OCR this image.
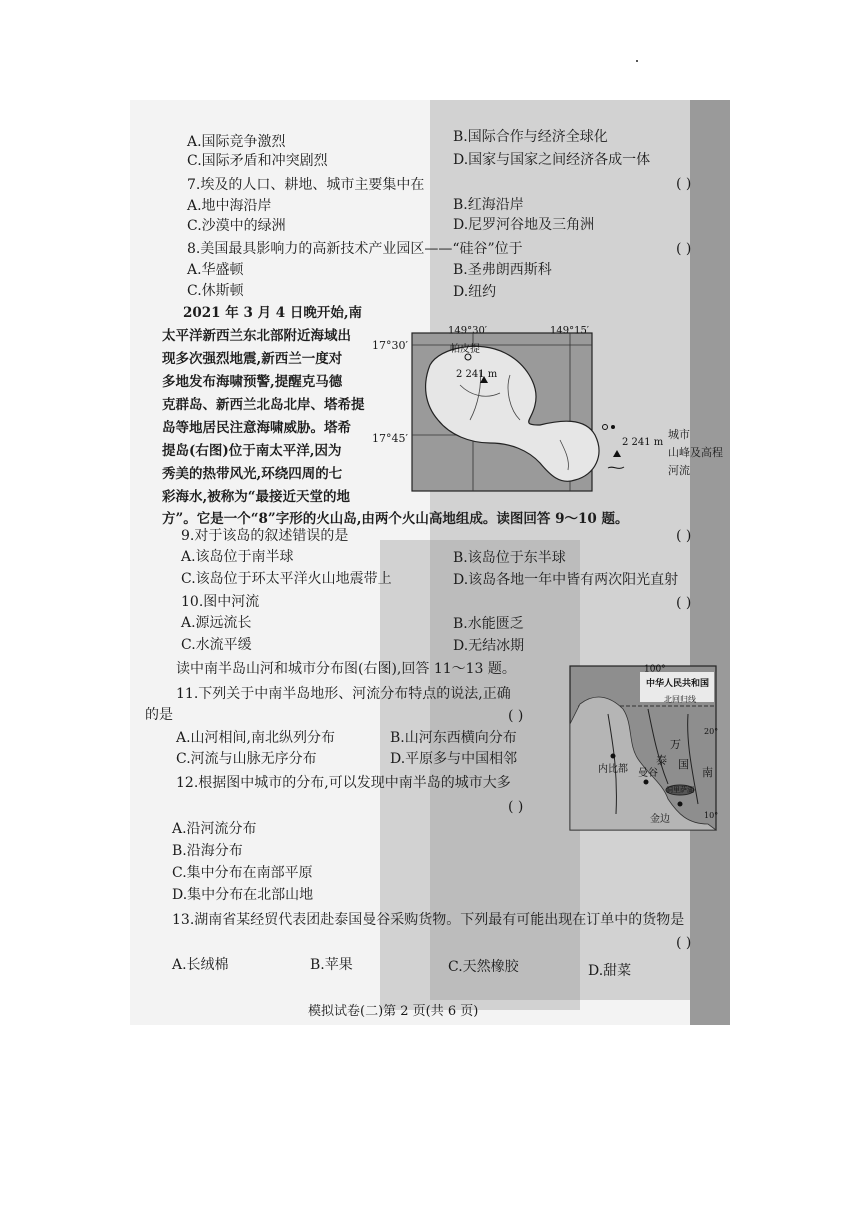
A.国际竞争激烈	B.国际合作与经济全球化
C.国际矛盾和冲突剧烈	D.国家与国家之间经济各成一体
7.埃及的人口、耕地、城市主要集中在	( )
A.地中海沿岸	B.红海沿岸
C.沙漠中的绿洲	D.尼罗河谷地及三角洲
8.美国最具影响力的高新技术产业园区——“硅谷”位于	( )
A.华盛顿	B.圣弗朗西斯科
C.休斯顿	D.纽约
2021 年 3 月 4 日晚开始,南
太平洋新西兰东北部附近海域出
现多次强烈地震,新西兰一度对
多地发布海啸预警,提醒克马德
克群岛、新西兰北岛北岸、塔希提
岛等地居民注意海啸威胁。塔希
提岛(右图)位于南太平洋,因为
秀美的热带风光,环绕四周的七
彩海水,被称为“最接近天堂的地
方”。它是一个“8”字形的火山岛,由两个火山高地组成。读图回答 9～10 题。
149°30′	149°15′
帕皮提
2 241 m
2 241 m
17°30′
17°45′	城市
山峰及高程
河流
9.对于该岛的叙述错误的是	( )
A.该岛位于南半球	B.该岛位于东半球
C.该岛位于环太平洋火山地震带上	D.该岛各地一年中皆有两次阳光直射
10.图中河流	( )
A.源远流长	B.水能匮乏
C.水流平缓	D.无结冰期
读中南半岛山河和城市分布图(右图),回答 11～13 题。	100°
中华人民共和国
北回归线
20°
10°
内比都 曼谷
金边
洞里萨湖
南
泰 国
万
11.下列关于中南半岛地形、河流分布特点的说法,正确
的是	( )
A.山河相间,南北纵列分布	B.山河东西横向分布
C.河流与山脉无序分布	D.平原多与中国相邻
12.根据图中城市的分布,可以发现中南半岛的城市大多
( )
A.沿河流分布
B.沿海分布
C.集中分布在南部平原
D.集中分布在北部山地
13.湖南省某经贸代表团赴泰国曼谷采购货物。下列最有可能出现在订单中的货物是
( )
A.长绒棉	B.苹果	C.天然橡胶	D.甜菜
模拟试卷(二)第 2 页(共 6 页)
